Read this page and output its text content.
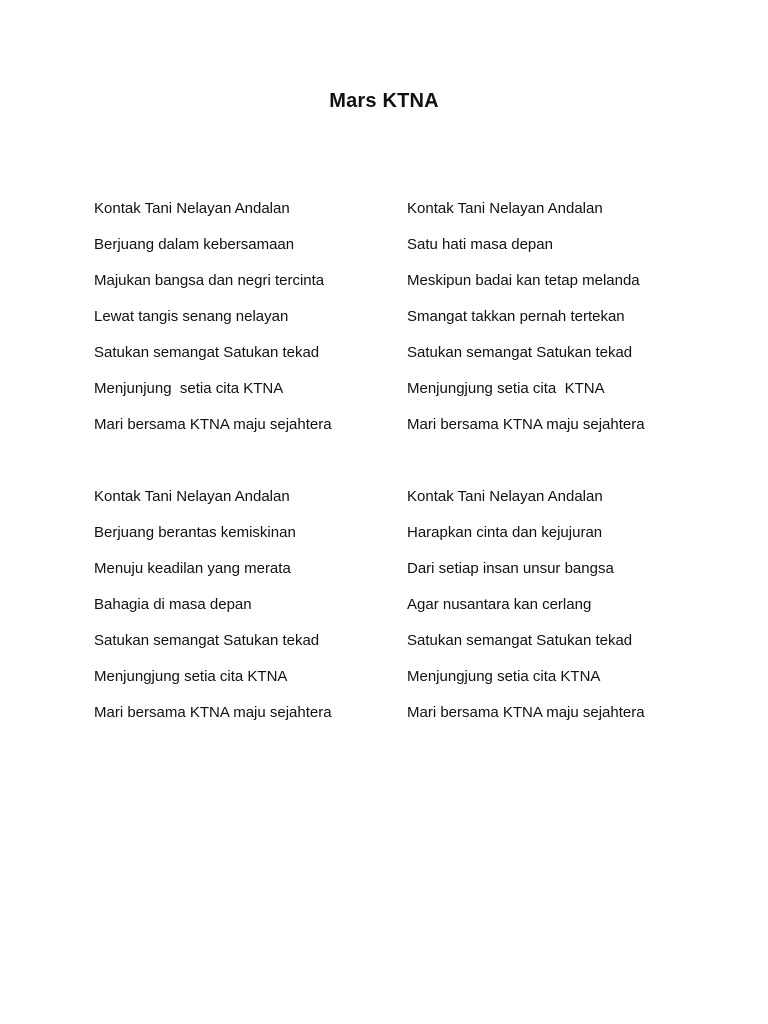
Mars KTNA
Kontak Tani Nelayan Andalan	Kontak Tani Nelayan Andalan
Berjuang dalam kebersamaan	Satu hati masa depan
Majukan bangsa dan negri tercinta	Meskipun badai kan tetap melanda
Lewat tangis senang nelayan	Smangat takkan pernah tertekan
Satukan semangat Satukan tekad	Satukan semangat Satukan tekad
Menjunjung  setia cita KTNA	Menjungjung setia cita  KTNA
Mari bersama KTNA maju sejahtera	Mari bersama KTNA maju sejahtera
Kontak Tani Nelayan Andalan	Kontak Tani Nelayan Andalan
Berjuang berantas kemiskinan	Harapkan cinta dan kejujuran
Menuju keadilan yang merata	Dari setiap insan unsur bangsa
Bahagia di masa depan	Agar nusantara kan cerlang
Satukan semangat Satukan tekad	Satukan semangat Satukan tekad
Menjungjung setia cita KTNA	Menjungjung setia cita KTNA
Mari bersama KTNA maju sejahtera	Mari bersama KTNA maju sejahtera
